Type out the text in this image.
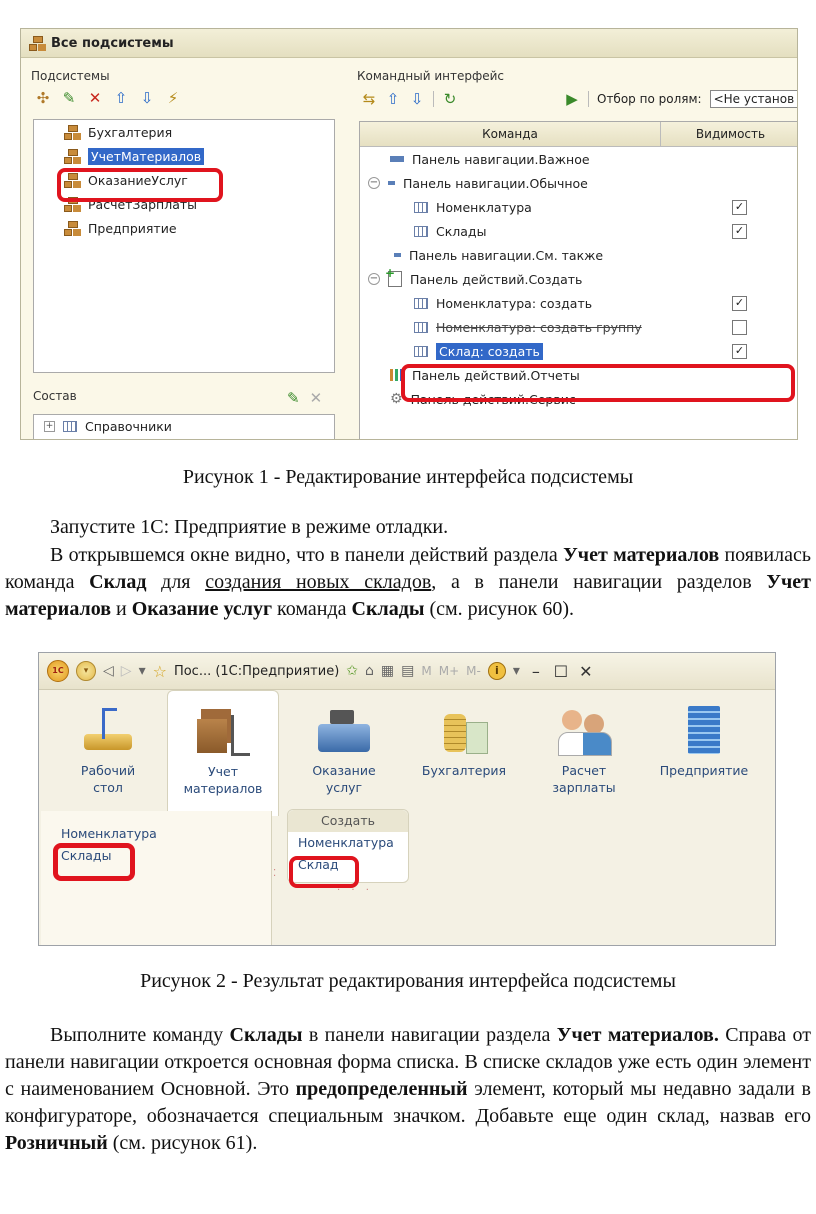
Все подсистемы
Подсистемы
✣ ✎ ✕ ⇧ ⇩ ⚡
Бухгалтерия
УчетМатериалов
ОказаниеУслуг
РасчетЗарплаты
Предприятие
Состав	✎ ✕
+	Справочники
Командный интерфейс
⇆ ⇧ ⇩ ↻	▶ Отбор по ролям:	<Не установ
Команда	Видимость
Панель навигации.Важное
− Панель навигации.Обычное
Номенклатура	✓
Склады	✓
Панель навигации.См. также
−
+	Панель действий.Создать
Номенклатура: создать	✓
Номенклатура: создать группу
Склад: создать	✓
Панель действий.Отчеты
⚙ Панель действий.Сервис
Рисунок 1 - Редактирование интерфейса подсистемы

Запустите 1С: Предприятие в режиме отладки.

В открывшемся окне видно, что в панели действий раздела Учет материалов появилась команда Склад для создания новых складов, а в панели навигации разделов Учет материалов и Оказание услуг команда Склады (см. рисунок 60).

1С	▾	◁ ▷ ▾ ☆ Пос... (1С:Предприятие) ✩ ⌂ ▦ ▤ M M+ M-	i	▾ – ☐ ✕
Рабочий
стол
Учет
материалов
Оказание
услуг
Бухгалтерия	Расчет
зарплаты
Предприятие
Номенклатура
Склады
Создать
Номенклатура
Склад
⁚
· · ·
Рисунок 2 - Результат редактирования интерфейса подсистемы

Выполните команду Склады в панели навигации раздела Учет материалов. Справа от панели навигации откроется основная форма списка. В списке складов уже есть один элемент с наименованием Основной. Это предопределенный элемент, который мы недавно задали в конфигураторе, обозначается специальным значком. Добавьте еще один склад, назвав его Розничный (см. рисунок 61).
